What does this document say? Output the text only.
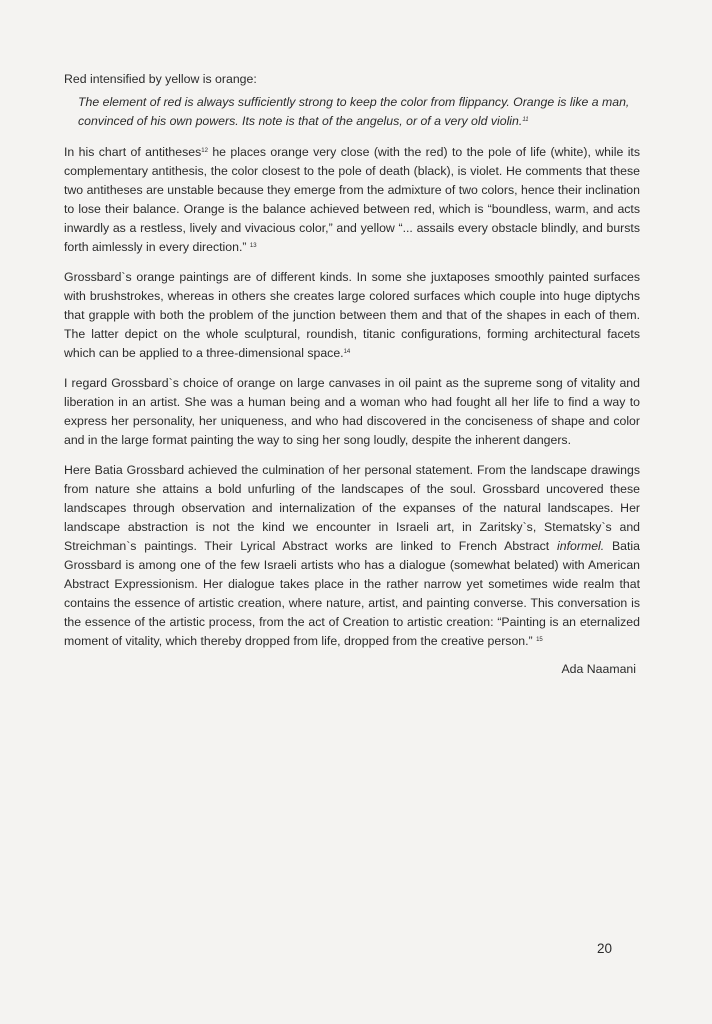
Red intensified by yellow is orange:

The element of red is always sufficiently strong to keep the color from flippancy. Orange is like a man, convinced of his own powers. Its note is that of the angelus, or of a very old violin.$^{11}$

In his chart of antitheses$^{12}$ he places orange very close (with the red) to the pole of life (white), while its complementary antithesis, the color closest to the pole of death (black), is violet. He comments that these two antitheses are unstable because they emerge from the admixture of two colors, hence their inclination to lose their balance. Orange is the balance achieved between red, which is “boundless, warm, and acts inwardly as a restless, lively and vivacious color,” and yellow “... assails every obstacle blindly, and bursts forth aimlessly in every direction.” $^{13}$

Grossbard`s orange paintings are of different kinds. In some she juxtaposes smoothly painted surfaces with brushstrokes, whereas in others she creates large colored surfaces which couple into huge diptychs that grapple with both the problem of the junction between them and that of the shapes in each of them. The latter depict on the whole sculptural, roundish, titanic configurations, forming architectural facets which can be applied to a three-dimensional space.$^{14}$

I regard Grossbard`s choice of orange on large canvases in oil paint as the supreme song of vitality and liberation in an artist. She was a human being and a woman who had fought all her life to find a way to express her personality, her uniqueness, and who had discovered in the conciseness of shape and color and in the large format painting the way to sing her song loudly, despite the inherent dangers.

Here Batia Grossbard achieved the culmination of her personal statement. From the landscape drawings from nature she attains a bold unfurling of the landscapes of the soul. Grossbard uncovered these landscapes through observation and internalization of the expanses of the natural landscapes. Her landscape abstraction is not the kind we encounter in Israeli art, in Zaritsky`s, Stematsky`s and Streichman`s paintings. Their Lyrical Abstract works are linked to French Abstract informel. Batia Grossbard is among one of the few Israeli artists who has a dialogue (somewhat belated) with American Abstract Expressionism. Her dialogue takes place in the rather narrow yet sometimes wide realm that contains the essence of artistic creation, where nature, artist, and painting converse. This conversation is the essence of the artistic process, from the act of Creation to artistic creation: “Painting is an eternalized moment of vitality, which thereby dropped from life, dropped from the creative person.” $^{15}$

Ada Naamani
20
